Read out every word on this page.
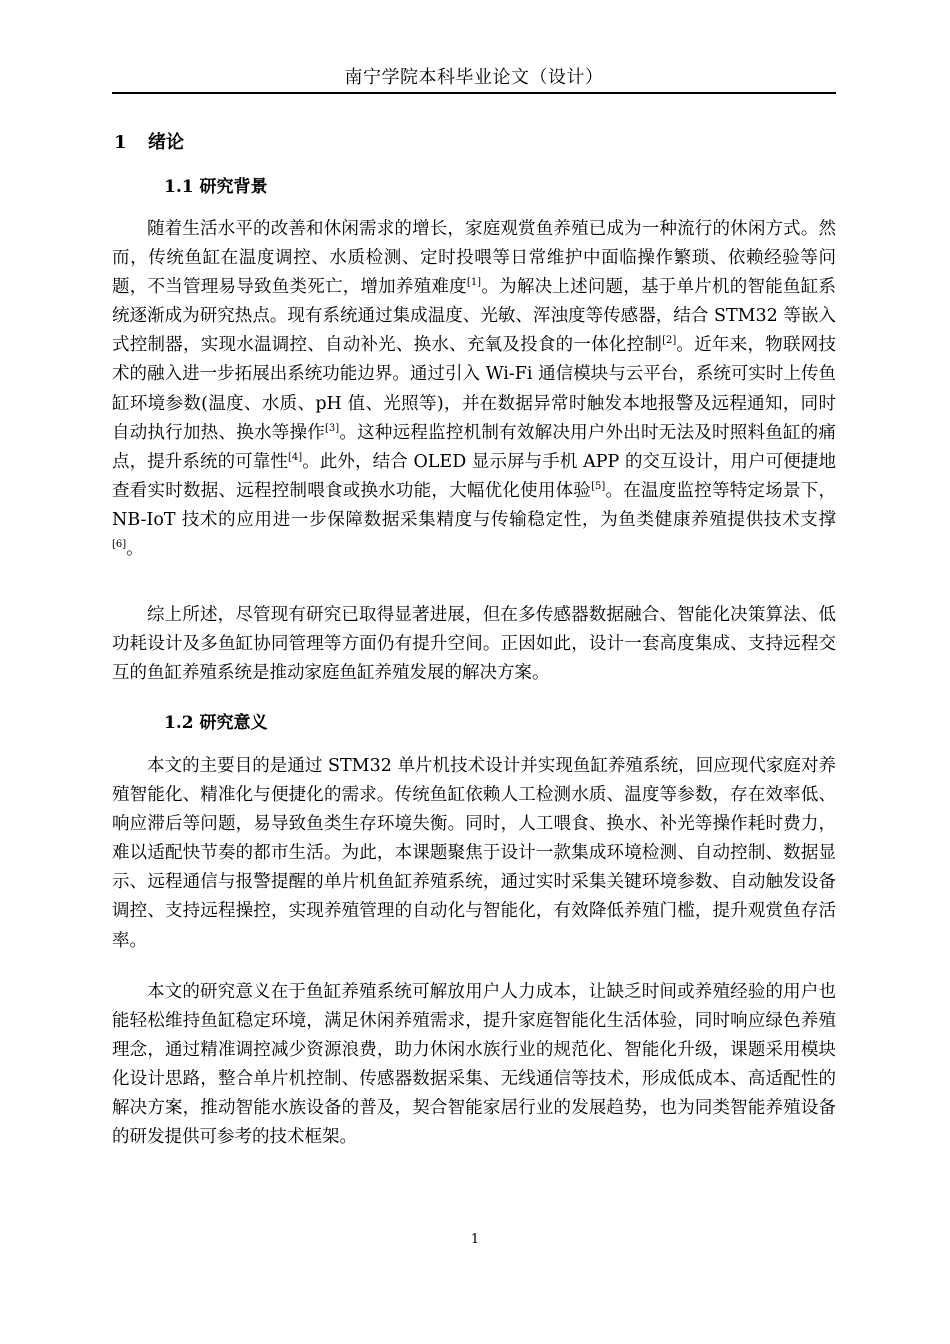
南宁学院本科毕业论文（设计）
1 绪论
1.1 研究背景

随着生活水平的改善和休闲需求的增长，家庭观赏鱼养殖已成为一种流行的休闲方式。然而，传统鱼缸在温度调控、水质检测、定时投喂等日常维护中面临操作繁琐、依赖经验等问题，不当管理易导致鱼类死亡，增加养殖难度[1]。为解决上述问题，基于单片机的智能鱼缸系统逐渐成为研究热点。现有系统通过集成温度、光敏、浑浊度等传感器，结合 STM32 等嵌入式控制器，实现水温调控、自动补光、换水、充氧及投食的一体化控制[2]。近年来，物联网技术的融入进一步拓展出系统功能边界。通过引入 Wi-Fi 通信模块与云平台，系统可实时上传鱼缸环境参数(温度、水质、pH 值、光照等)，并在数据异常时触发本地报警及远程通知，同时自动执行加热、换水等操作[3]。这种远程监控机制有效解决用户外出时无法及时照料鱼缸的痛点，提升系统的可靠性[4]。此外，结合 OLED 显示屏与手机 APP 的交互设计，用户可便捷地查看实时数据、远程控制喂食或换水功能，大幅优化使用体验[5]。在温度监控等特定场景下，NB-IoT 技术的应用进一步保障数据采集精度与传输稳定性，为鱼类健康养殖提供技术支撑[6]。

综上所述，尽管现有研究已取得显著进展，但在多传感器数据融合、智能化决策算法、低功耗设计及多鱼缸协同管理等方面仍有提升空间。正因如此，设计一套高度集成、支持远程交互的鱼缸养殖系统是推动家庭鱼缸养殖发展的解决方案。

1.2 研究意义

本文的主要目的是通过 STM32 单片机技术设计并实现鱼缸养殖系统，回应现代家庭对养殖智能化、精准化与便捷化的需求。传统鱼缸依赖人工检测水质、温度等参数，存在效率低、响应滞后等问题，易导致鱼类生存环境失衡。同时，人工喂食、换水、补光等操作耗时费力，难以适配快节奏的都市生活。为此，本课题聚焦于设计一款集成环境检测、自动控制、数据显示、远程通信与报警提醒的单片机鱼缸养殖系统，通过实时采集关键环境参数、自动触发设备调控、支持远程操控，实现养殖管理的自动化与智能化，有效降低养殖门槛，提升观赏鱼存活率。

本文的研究意义在于鱼缸养殖系统可解放用户人力成本，让缺乏时间或养殖经验的用户也能轻松维持鱼缸稳定环境，满足休闲养殖需求，提升家庭智能化生活体验，同时响应绿色养殖理念，通过精准调控减少资源浪费，助力休闲水族行业的规范化、智能化升级，课题采用模块化设计思路，整合单片机控制、传感器数据采集、无线通信等技术，形成低成本、高适配性的解决方案，推动智能水族设备的普及，契合智能家居行业的发展趋势，也为同类智能养殖设备的研发提供可参考的技术框架。

1
